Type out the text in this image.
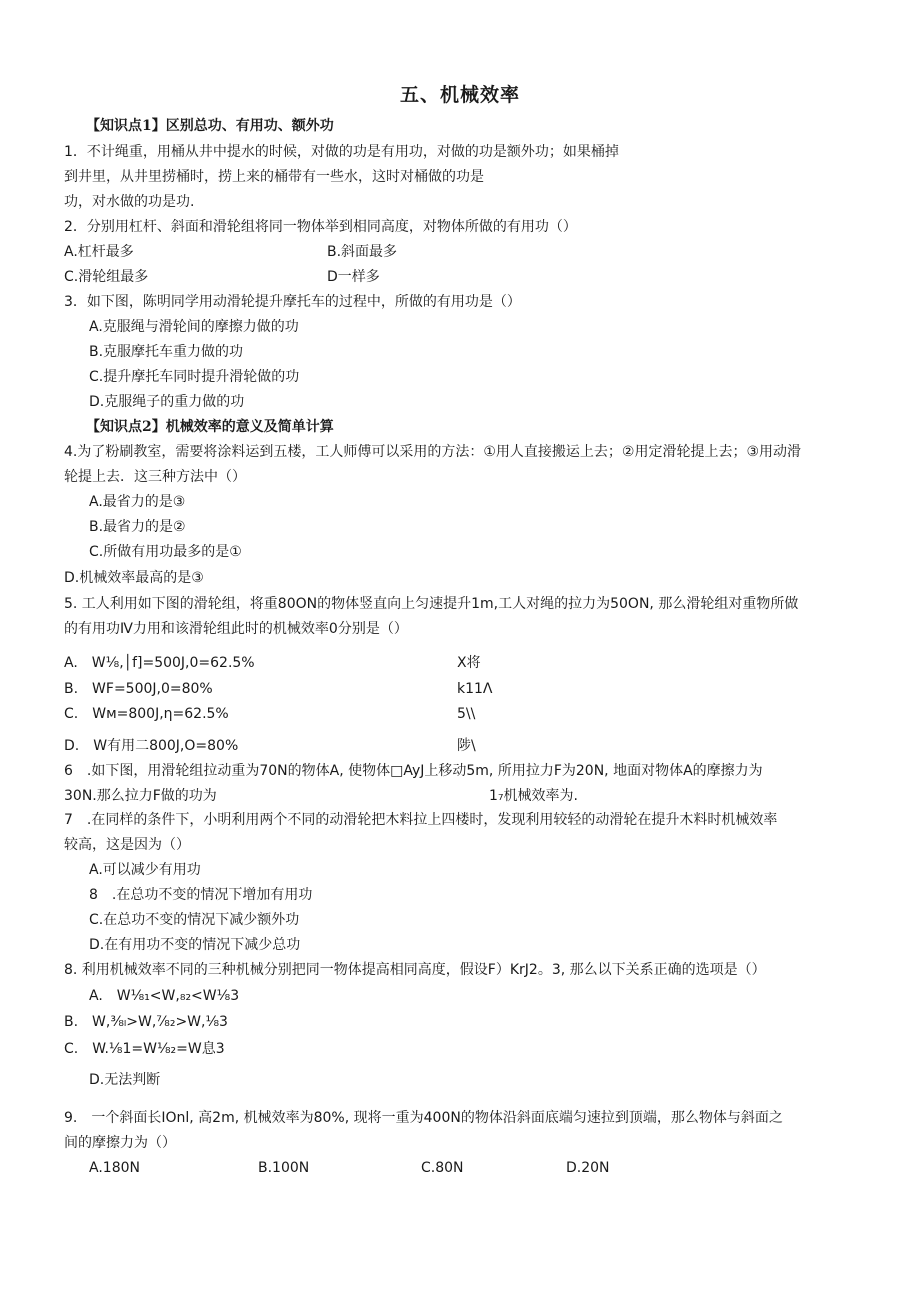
五、机械效率
【知识点1】区别总功、有用功、额外功
1．不计绳重，用桶从井中提水的时候，对做的功是有用功，对做的功是额外功；如果桶掉
到井里，从井里捞桶时，捞上来的桶带有一些水，这时对桶做的功是
功，对水做的功是功.
2．分别用杠杆、斜面和滑轮组将同一物体举到相同高度，对物体所做的有用功（）
A.杠杆最多	B.斜面最多
C.滑轮组最多	D一样多
3．如下图，陈明同学用动滑轮提升摩托车的过程中，所做的有用功是（）
A.克服绳与滑轮间的摩擦力做的功
B.克服摩托车重力做的功
C.提升摩托车同时提升滑轮做的功
D.克服绳子的重力做的功
【知识点2】机械效率的意义及简单计算
4.为了粉刷教室，需要将涂料运到五楼，工人师傅可以采用的方法：①用人直接搬运上去；②用定滑轮提上去；③用动滑
轮提上去．这三种方法中（）
A.最省力的是③
B.最省力的是②
C.所做有用功最多的是①
D.机械效率最高的是③
5. 工人利用如下图的滑轮组，将重80ON的物体竖直向上匀速提升1m,工人对绳的拉力为50ON, 那么滑轮组对重物所做
的有用功Ⅳ力用和该滑轮组此时的机械效率0分别是（）
A.　W⅛,│f]=500J,0=62.5%	X将
B.　WF=500J,0=80%	k11Λ
C.　Wм=800J,η=62.5%	5\\
D.　W有用二800J,O=80%	陟\
6　.如下图，用滑轮组拉动重为70N的物体A, 使物体□AyJ上移动5m, 所用拉力F为20N, 地面对物体A的摩擦力为
30N.那么拉力F做的功为	1₇机械效率为.
7　.在同样的条件下，小明利用两个不同的动滑轮把木料拉上四楼时，发现利用较轻的动滑轮在提升木料时机械效率
较高，这是因为（）
A.可以减少有用功
8　.在总功不变的情况下增加有用功
C.在总功不变的情况下减少额外功
D.在有用功不变的情况下减少总功
8. 利用机械效率不同的三种机械分别把同一物体提高相同高度，假设F）KrJ2。3, 那么以下关系正确的选项是（）
A.　W⅛₁<W,₈₂<W⅛3
B.　W,⅜ₗ>W,⅞₂>W,⅛3
C.　W.⅛1=W⅛₂=W息3
D.无法判断
9.　一个斜面长IOnl, 高2m, 机械效率为80%, 现将一重为400N的物体沿斜面底端匀速拉到顶端，那么物体与斜面之
间的摩擦力为（）
A.180N	B.100N	C.80N	D.20N
